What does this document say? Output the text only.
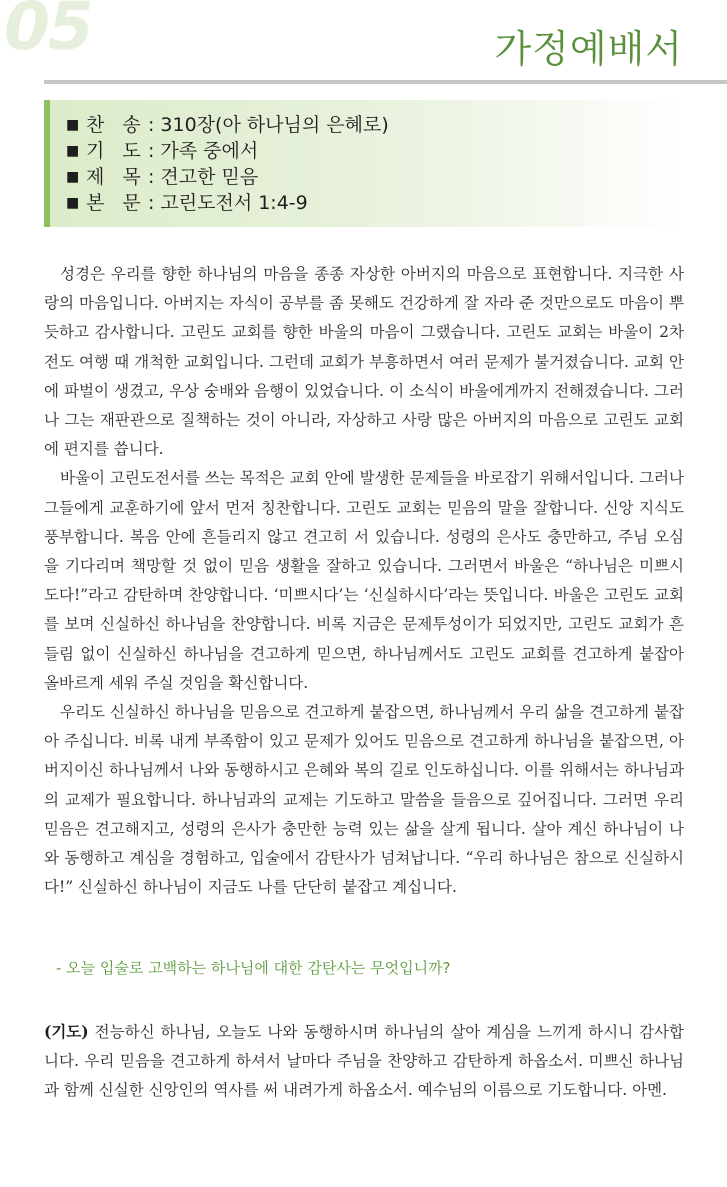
05	가정예배서
■ 찬 송: 310장(아 하나님의 은혜로)
■ 기 도: 가족 중에서
■ 제 목: 견고한 믿음
■ 본 문: 고린도전서 1:4-9

성경은 우리를 향한 하나님의 마음을 종종 자상한 아버지의 마음으로 표현합니다. 지극한 사랑의 마음입니다. 아버지는 자식이 공부를 좀 못해도 건강하게 잘 자라 준 것만으로도 마음이 뿌듯하고 감사합니다. 고린도 교회를 향한 바울의 마음이 그랬습니다. 고린도 교회는 바울이 2차 전도 여행 때 개척한 교회입니다. 그런데 교회가 부흥하면서 여러 문제가 불거졌습니다. 교회 안에 파벌이 생겼고, 우상 숭배와 음행이 있었습니다. 이 소식이 바울에게까지 전해졌습니다. 그러나 그는 재판관으로 질책하는 것이 아니라, 자상하고 사랑 많은 아버지의 마음으로 고린도 교회에 편지를 씁니다.

바울이 고린도전서를 쓰는 목적은 교회 안에 발생한 문제들을 바로잡기 위해서입니다. 그러나 그들에게 교훈하기에 앞서 먼저 칭찬합니다. 고린도 교회는 믿음의 말을 잘합니다. 신앙 지식도 풍부합니다. 복음 안에 흔들리지 않고 견고히 서 있습니다. 성령의 은사도 충만하고, 주님 오심을 기다리며 책망할 것 없이 믿음 생활을 잘하고 있습니다. 그러면서 바울은 “하나님은 미쁘시도다!”라고 감탄하며 찬양합니다. ‘미쁘시다’는 ‘신실하시다’라는 뜻입니다. 바울은 고린도 교회를 보며 신실하신 하나님을 찬양합니다. 비록 지금은 문제투성이가 되었지만, 고린도 교회가 흔들림 없이 신실하신 하나님을 견고하게 믿으면, 하나님께서도 고린도 교회를 견고하게 붙잡아 올바르게 세워 주실 것임을 확신합니다.

우리도 신실하신 하나님을 믿음으로 견고하게 붙잡으면, 하나님께서 우리 삶을 견고하게 붙잡아 주십니다. 비록 내게 부족함이 있고 문제가 있어도 믿음으로 견고하게 하나님을 붙잡으면, 아버지이신 하나님께서 나와 동행하시고 은혜와 복의 길로 인도하십니다. 이를 위해서는 하나님과의 교제가 필요합니다. 하나님과의 교제는 기도하고 말씀을 들음으로 깊어집니다. 그러면 우리 믿음은 견고해지고, 성령의 은사가 충만한 능력 있는 삶을 살게 됩니다. 살아 계신 하나님이 나와 동행하고 계심을 경험하고, 입술에서 감탄사가 넘쳐납니다. “우리 하나님은 참으로 신실하시다!” 신실하신 하나님이 지금도 나를 단단히 붙잡고 계십니다.

- 오늘 입술로 고백하는 하나님에 대한 감탄사는 무엇입니까?
(기도) 전능하신 하나님, 오늘도 나와 동행하시며 하나님의 살아 계심을 느끼게 하시니 감사합니다. 우리 믿음을 견고하게 하셔서 날마다 주님을 찬양하고 감탄하게 하옵소서. 미쁘신 하나님과 함께 신실한 신앙인의 역사를 써 내려가게 하옵소서. 예수님의 이름으로 기도합니다. 아멘.
